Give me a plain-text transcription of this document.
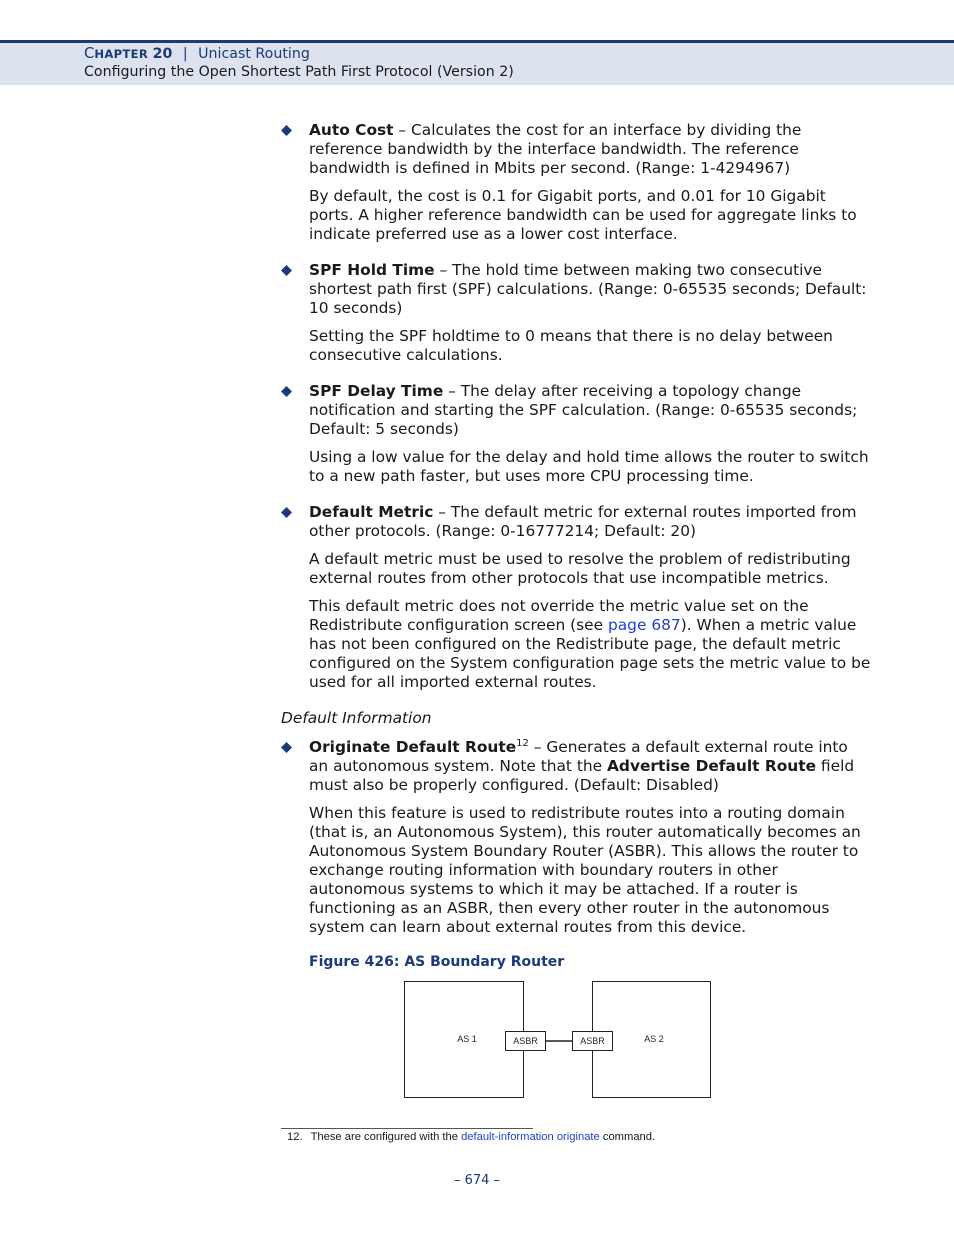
CHAPTER 20 | Unicast Routing
Configuring the Open Shortest Path First Protocol (Version 2)

Auto Cost – Calculates the cost for an interface by dividing the reference bandwidth by the interface bandwidth. The reference bandwidth is defined in Mbits per second. (Range: 1-4294967)

By default, the cost is 0.1 for Gigabit ports, and 0.01 for 10 Gigabit ports. A higher reference bandwidth can be used for aggregate links to indicate preferred use as a lower cost interface.

SPF Hold Time – The hold time between making two consecutive shortest path first (SPF) calculations. (Range: 0-65535 seconds; Default: 10 seconds)

Setting the SPF holdtime to 0 means that there is no delay between consecutive calculations.

SPF Delay Time – The delay after receiving a topology change notification and starting the SPF calculation. (Range: 0-65535 seconds; Default: 5 seconds)

Using a low value for the delay and hold time allows the router to switch to a new path faster, but uses more CPU processing time.

Default Metric – The default metric for external routes imported from other protocols. (Range: 0-16777214; Default: 20)

A default metric must be used to resolve the problem of redistributing external routes from other protocols that use incompatible metrics.

This default metric does not override the metric value set on the Redistribute configuration screen (see page 687). When a metric value has not been configured on the Redistribute page, the default metric configured on the System configuration page sets the metric value to be used for all imported external routes.

Default Information

Originate Default Route$^{12}$ – Generates a default external route into an autonomous system. Note that the Advertise Default Route field must also be properly configured. (Default: Disabled)

When this feature is used to redistribute routes into a routing domain (that is, an Autonomous System), this router automatically becomes an Autonomous System Boundary Router (ASBR). This allows the router to exchange routing information with boundary routers in other autonomous systems to which it may be attached. If a router is functioning as an ASBR, then every other router in the autonomous system can learn about external routes from this device.

Figure 426: AS Boundary Router
AS 1	AS 2
ASBR	ASBR
12. These are configured with the default-information originate command.
– 674 –
